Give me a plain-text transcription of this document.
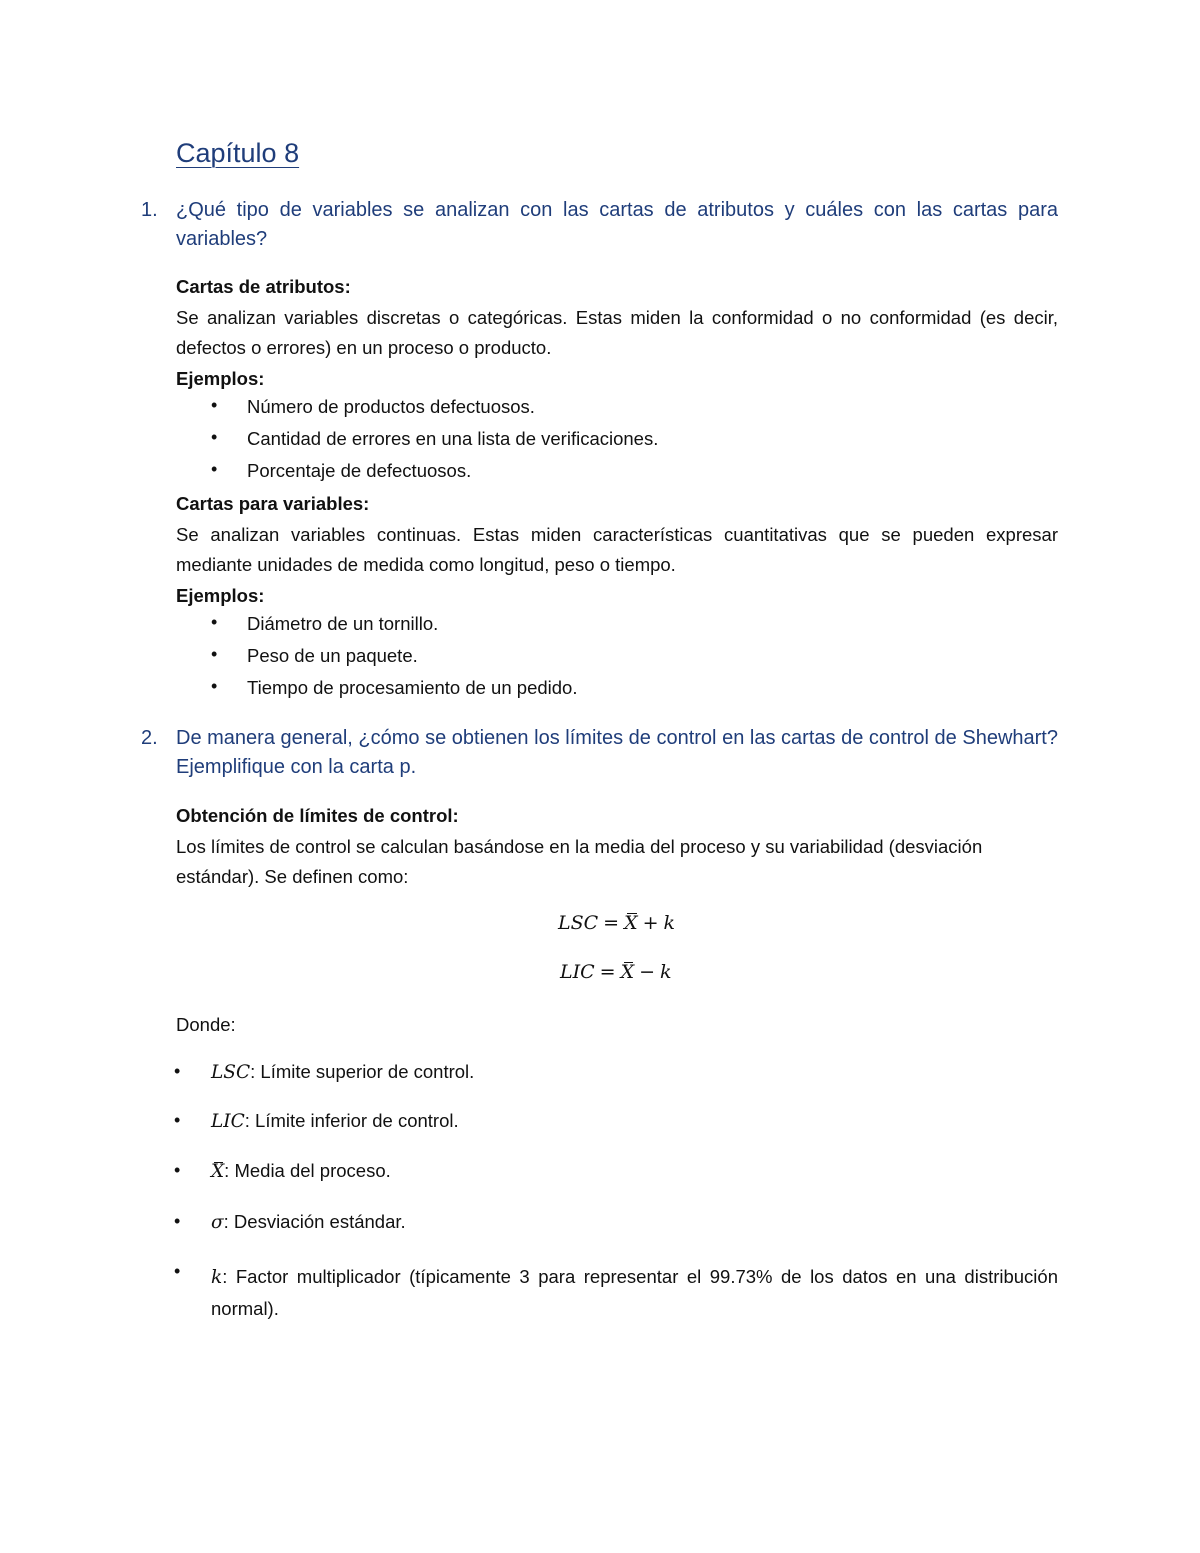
Capítulo 8
1. ¿Qué tipo de variables se analizan con las cartas de atributos y cuáles con las cartas para variables?
Cartas de atributos:
Se analizan variables discretas o categóricas. Estas miden la conformidad o no conformidad (es decir, defectos o errores) en un proceso o producto.
Ejemplos:
• Número de productos defectuosos.
• Cantidad de errores en una lista de verificaciones.
• Porcentaje de defectuosos.
Cartas para variables:
Se analizan variables continuas. Estas miden características cuantitativas que se pueden expresar mediante unidades de medida como longitud, peso o tiempo.
Ejemplos:
• Diámetro de un tornillo.
• Peso de un paquete.
• Tiempo de procesamiento de un pedido.
2. De manera general, ¿cómo se obtienen los límites de control en las cartas de control de Shewhart? Ejemplifique con la carta p.
Obtención de límites de control:
Los límites de control se calculan basándose en la media del proceso y su variabilidad (desviación estándar). Se definen como:
LSC = X + k
LIC = X − k
Donde:
• LSC: Límite superior de control.
• LIC: Límite inferior de control.
• X: Media del proceso.
• σ: Desviación estándar.
• k: Factor multiplicador (típicamente 3 para representar el 99.73% de los datos en una distribución normal).
